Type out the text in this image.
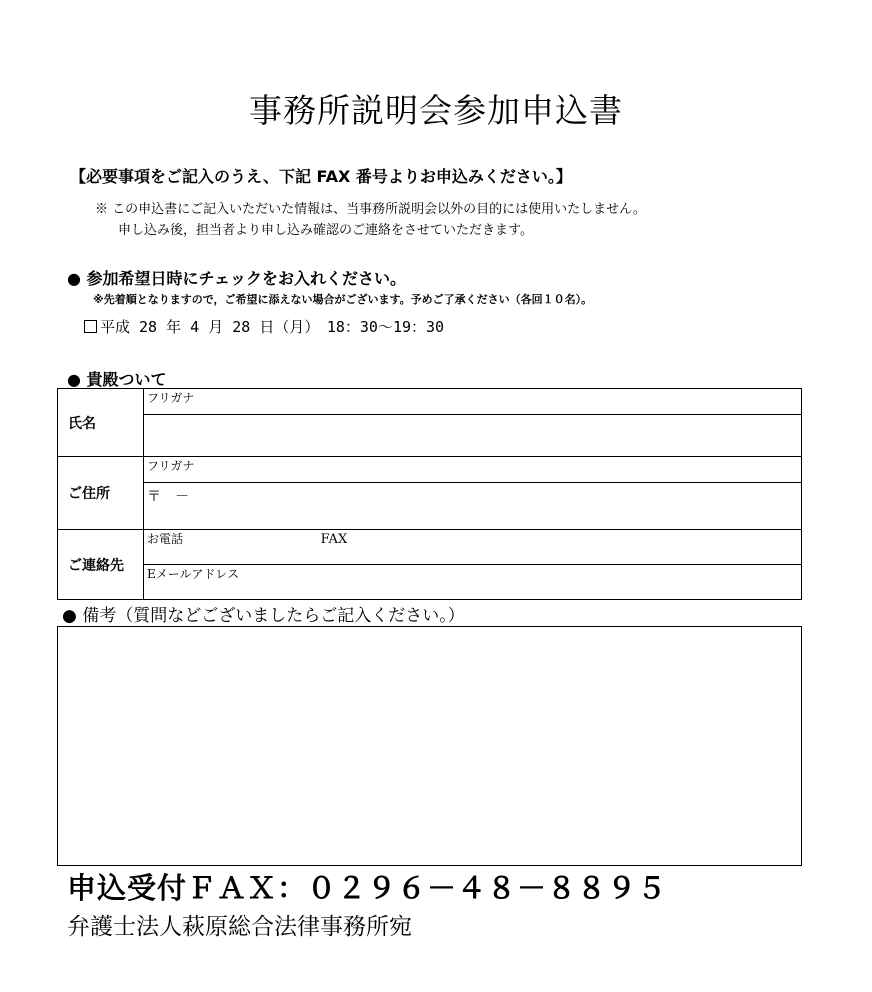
事務所説明会参加申込書
【必要事項をご記入のうえ、下記 FAX 番号よりお申込みください。】
※ この申込書にご記入いただいた情報は、当事務所説明会以外の目的には使用いたしません。
申し込み後，担当者より申し込み確認のご連絡をさせていただきます。
● 参加希望日時にチェックをお入れください。
※先着順となりますので，ご希望に添えない場合がございます。予めご了承ください（各回１０名）。
平成 28 年 4 月 28 日（月）　18：30〜19：30
● 貴殿ついて
氏名	フリガナ

ご住所	フリガナ
	〒　－
ご連絡先	お電話 FAX
	Eメールアドレス
● 備考（質問などございましたらご記入ください。）
申込受付ＦＡＸ：０２９６－４８－８８９５
弁護士法人萩原総合法律事務所宛
